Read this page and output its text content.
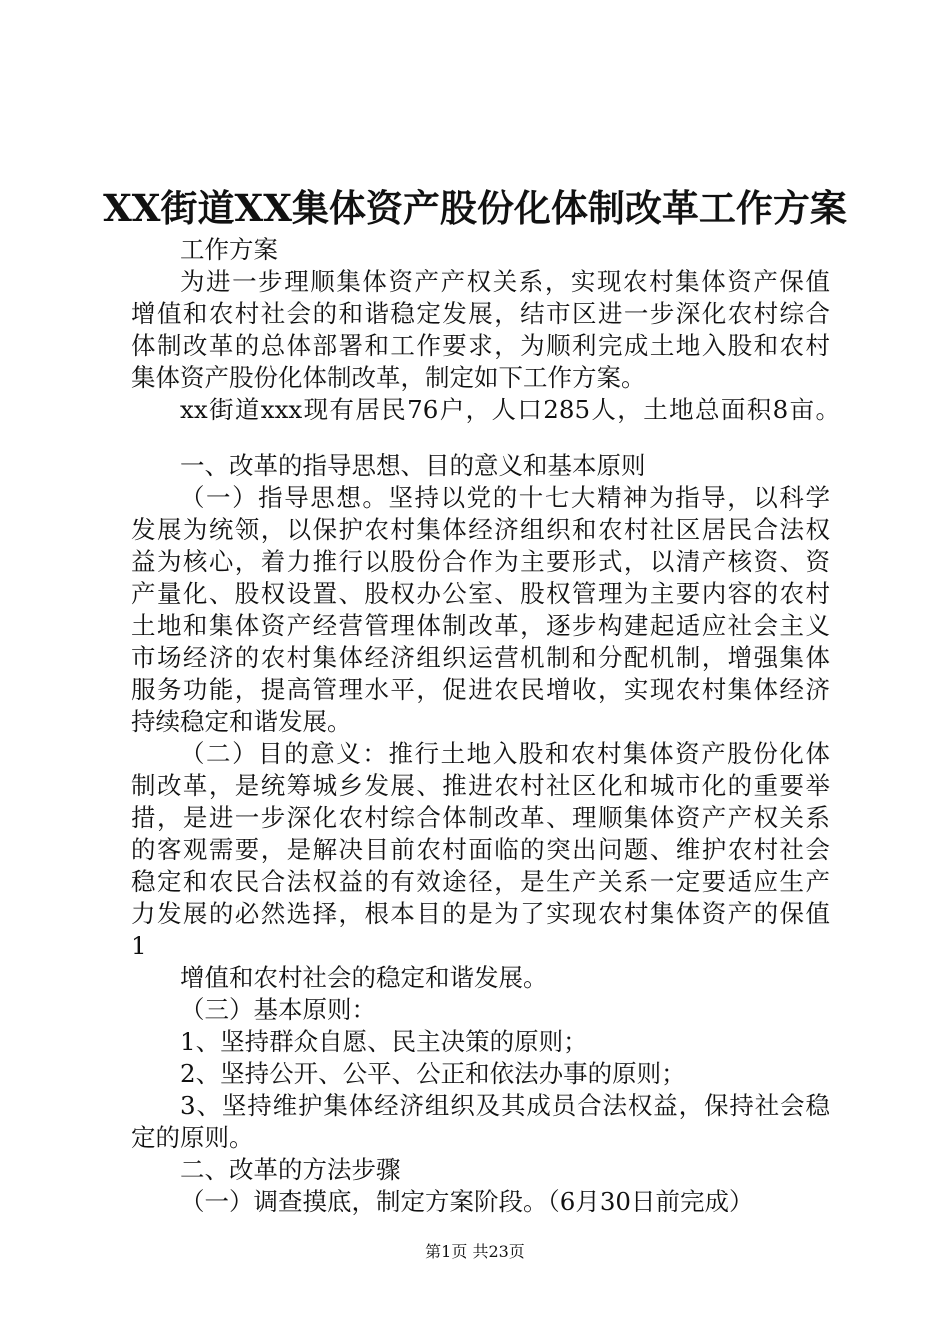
XX街道XX集体资产股份化体制改革工作方案
工作方案
为进一步理顺集体资产产权关系，实现农村集体资产保值
增值和农村社会的和谐稳定发展，结市区进一步深化农村综合
体制改革的总体部署和工作要求，为顺利完成土地入股和农村
集体资产股份化体制改革，制定如下工作方案。
xx街道xxx现有居民76户，人口285人，土地总面积8亩。
一、改革的指导思想、目的意义和基本原则
（一）指导思想。坚持以党的十七大精神为指导，以科学
发展为统领，以保护农村集体经济组织和农村社区居民合法权
益为核心，着力推行以股份合作为主要形式，以清产核资、资
产量化、股权设置、股权办公室、股权管理为主要内容的农村
土地和集体资产经营管理体制改革，逐步构建起适应社会主义
市场经济的农村集体经济组织运营机制和分配机制，增强集体
服务功能，提高管理水平，促进农民增收，实现农村集体经济
持续稳定和谐发展。
（二）目的意义：推行土地入股和农村集体资产股份化体
制改革，是统筹城乡发展、推进农村社区化和城市化的重要举
措，是进一步深化农村综合体制改革、理顺集体资产产权关系
的客观需要，是解决目前农村面临的突出问题、维护农村社会
稳定和农民合法权益的有效途径，是生产关系一定要适应生产
力发展的必然选择，根本目的是为了实现农村集体资产的保值
1
增值和农村社会的稳定和谐发展。
（三）基本原则：
1、坚持群众自愿、民主决策的原则；
2、坚持公开、公平、公正和依法办事的原则；
3、坚持维护集体经济组织及其成员合法权益，保持社会稳
定的原则。
二、改革的方法步骤
（一）调查摸底，制定方案阶段。（6月30日前完成）
第1页 共23页
